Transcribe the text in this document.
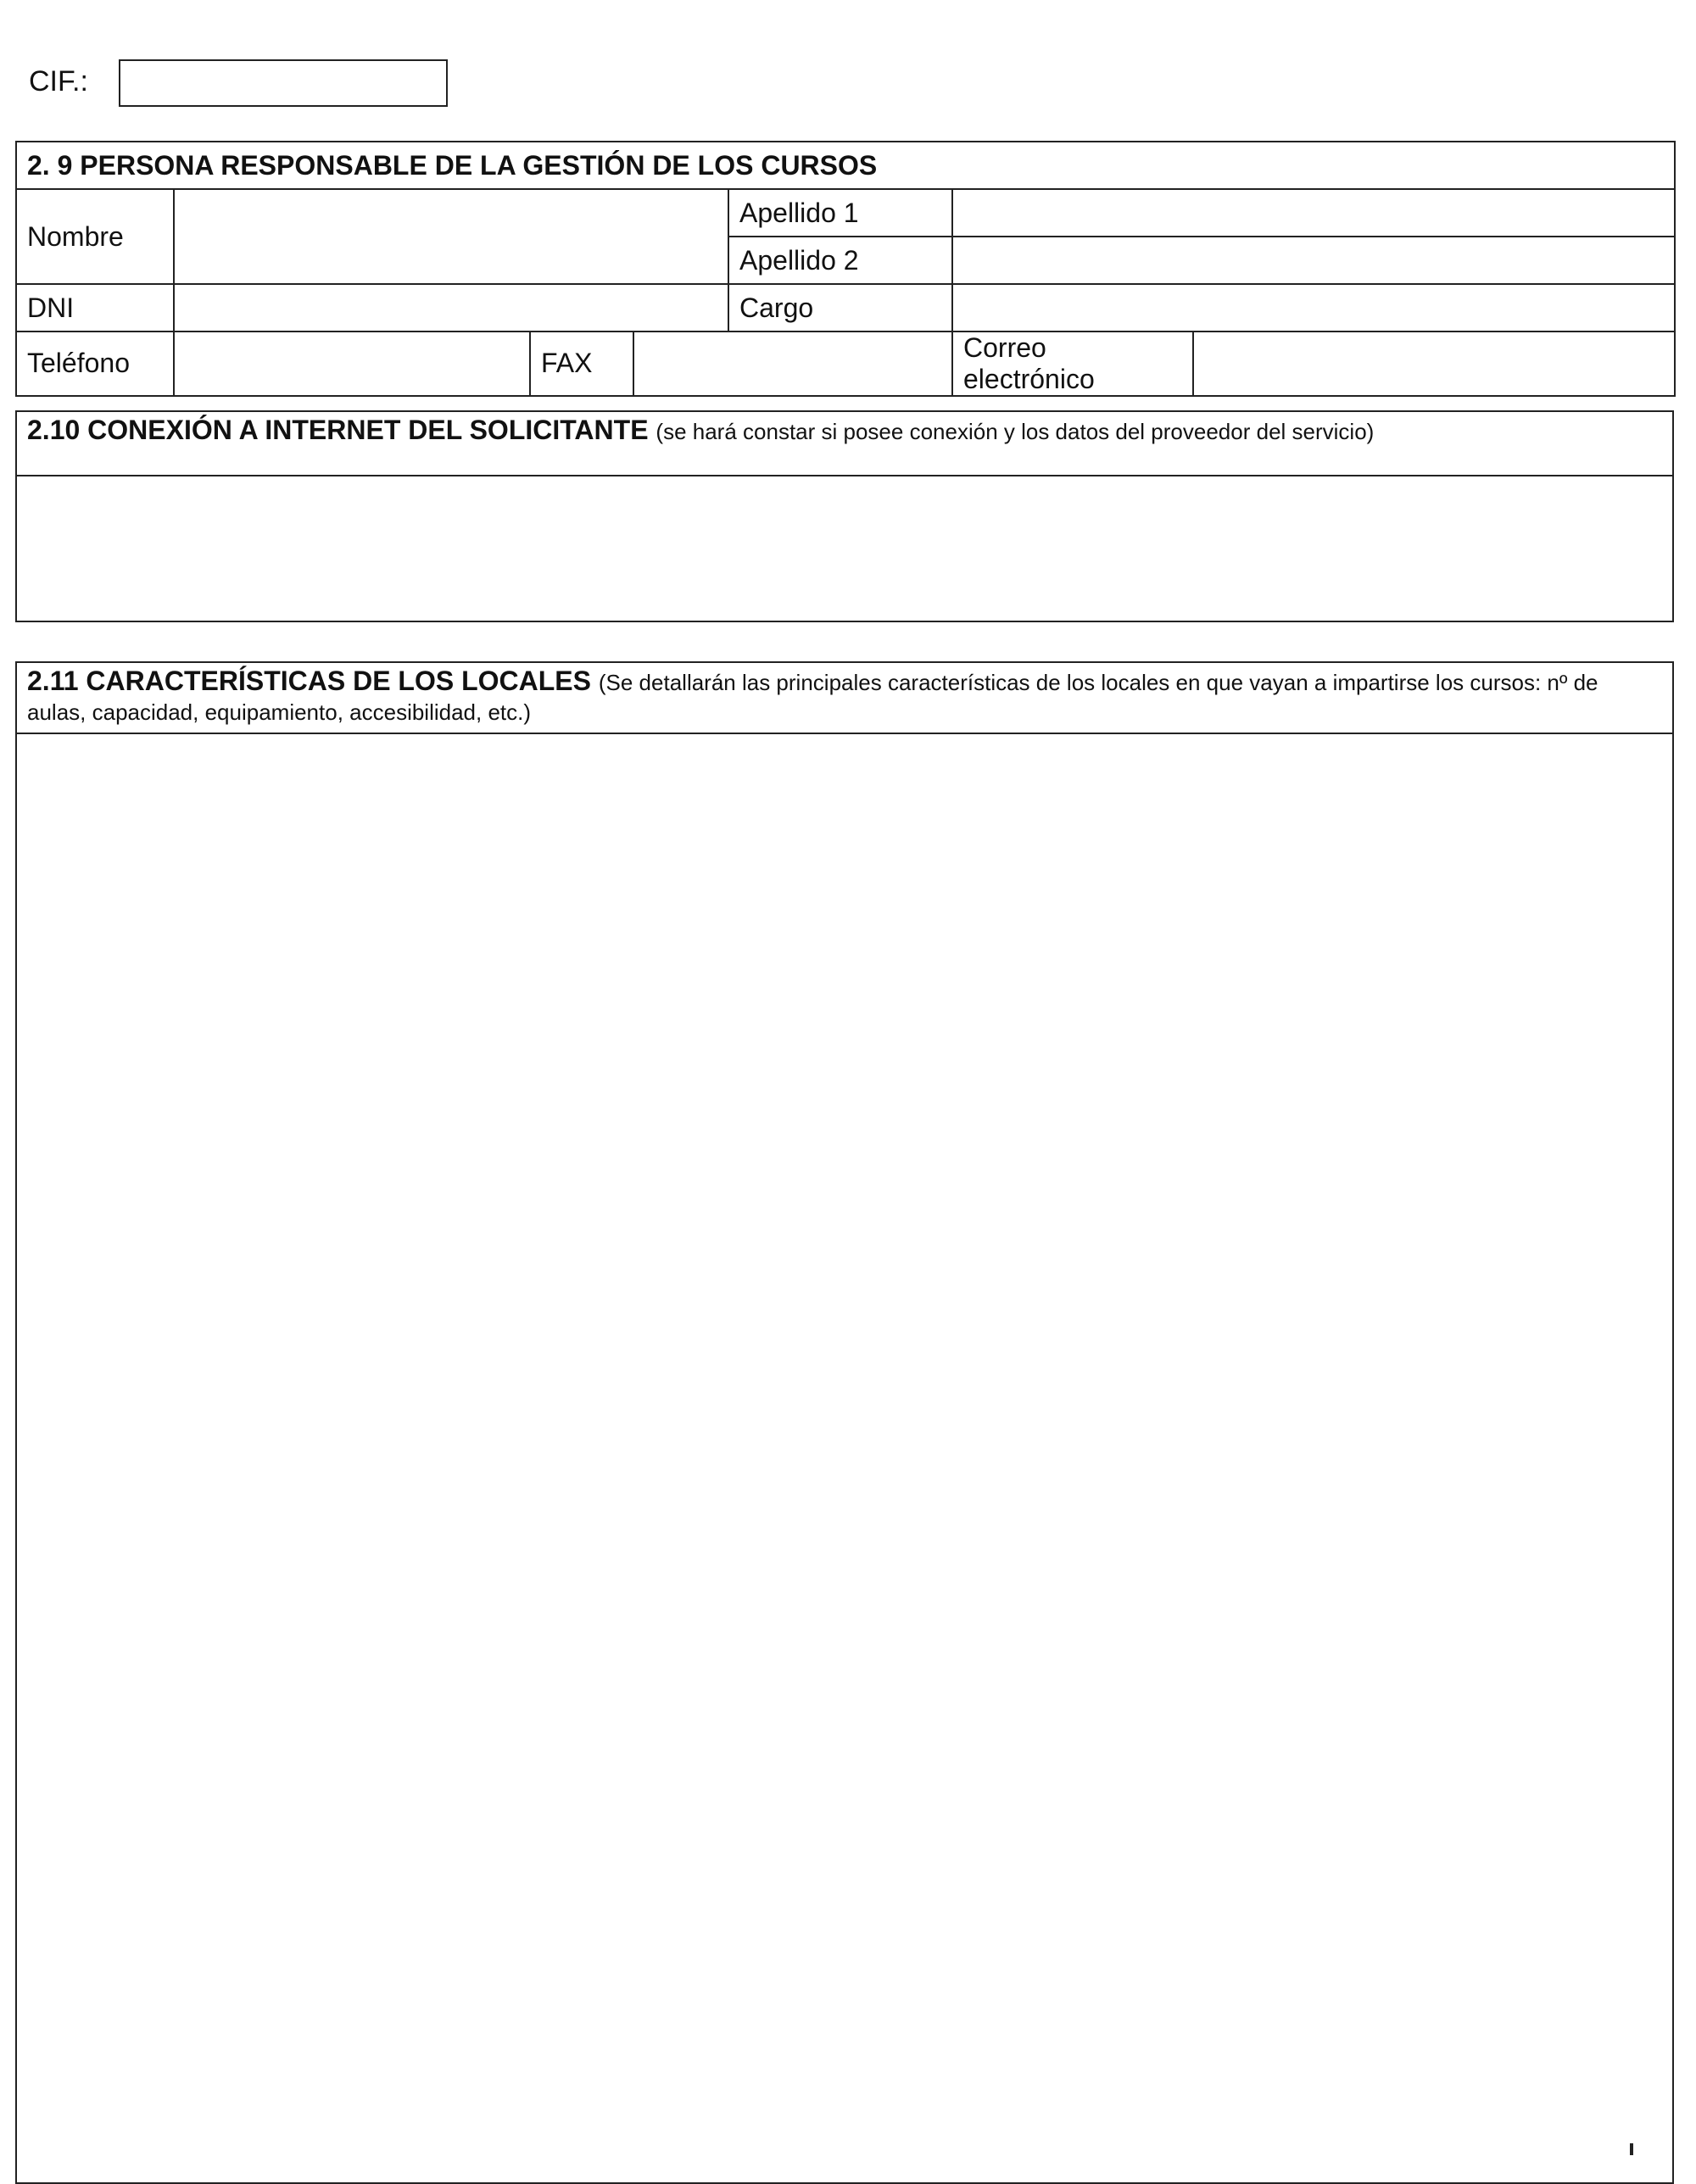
CIF.:
2. 9 PERSONA RESPONSABLE DE LA GESTIÓN DE LOS CURSOS						
Nombre				Apellido 1		
				Apellido 2		
DNI				Cargo		
Teléfono		FAX			Correo electrónico	
2.10 CONEXIÓN A INTERNET DEL SOLICITANTE (se hará constar si posee conexión y los datos del proveedor del servicio)

2.11 CARACTERÍSTICAS DE LOS LOCALES (Se detallarán las principales características de los locales en que vayan a impartirse los cursos: nº de aulas, capacidad, equipamiento, accesibilidad, etc.)
